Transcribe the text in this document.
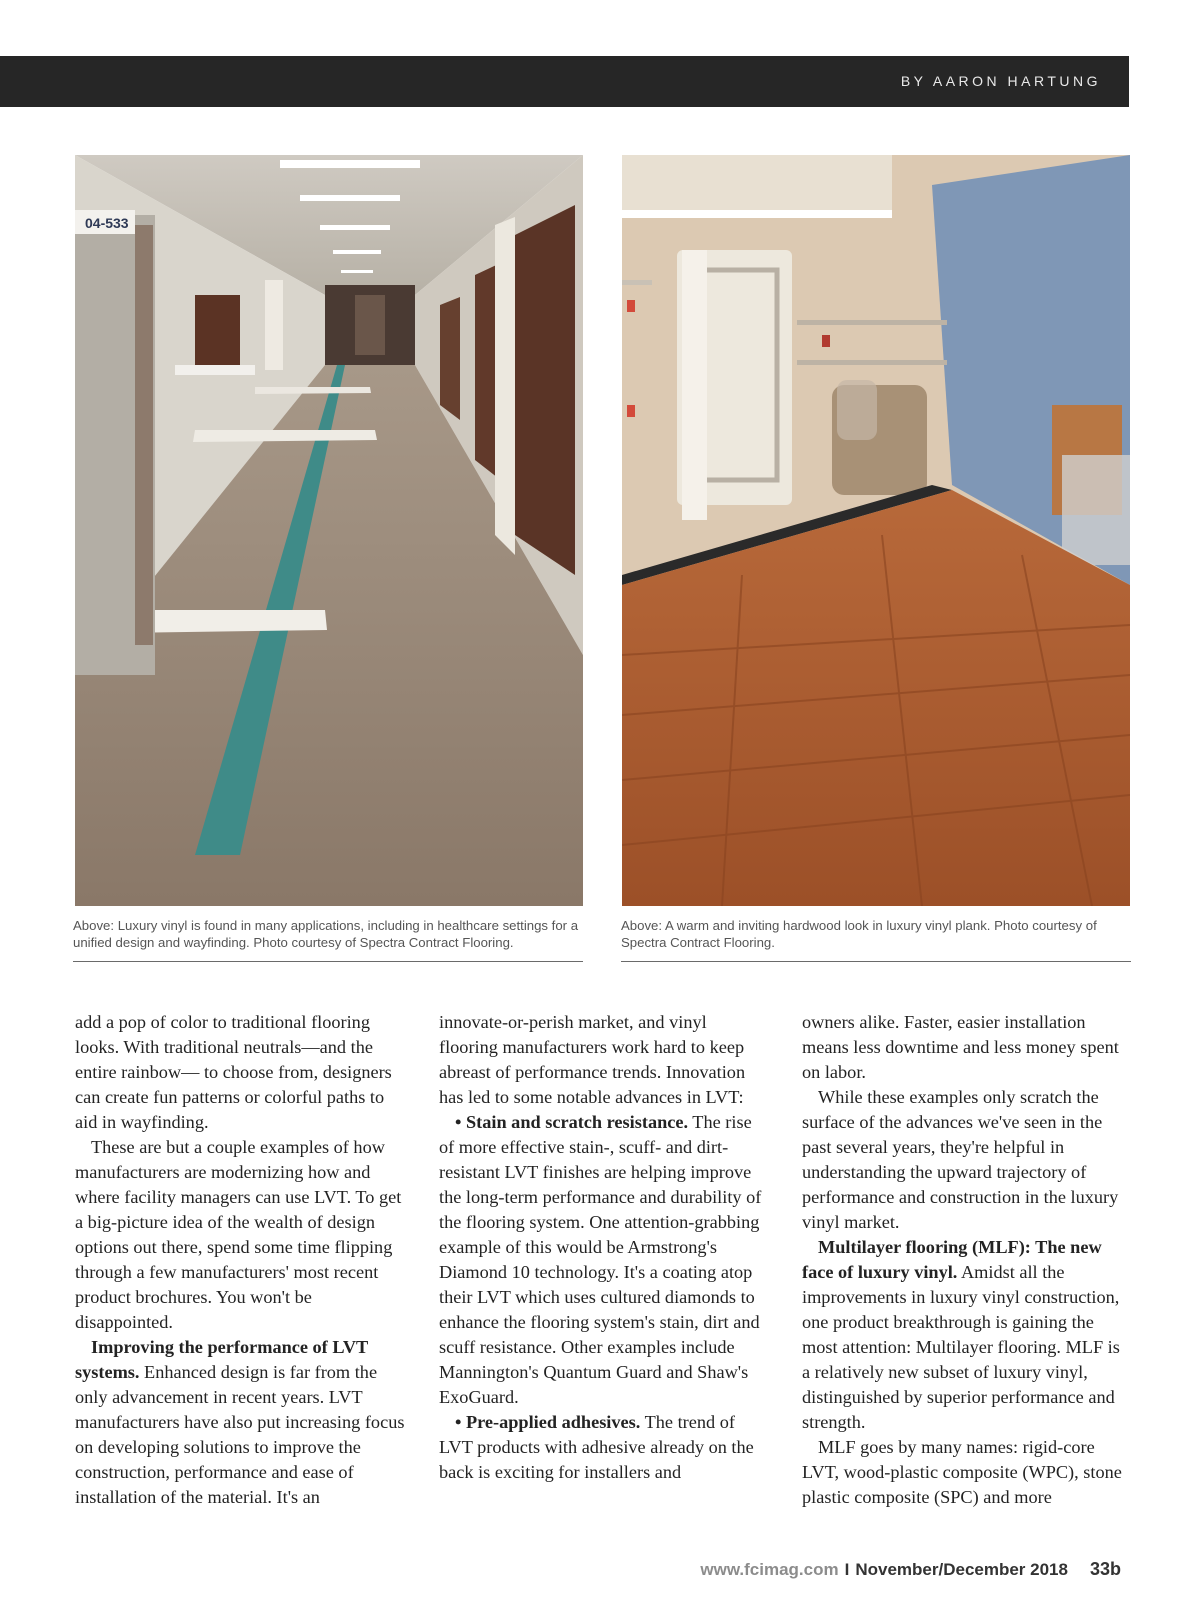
BY AARON HARTUNG
04-533
Above: Luxury vinyl is found in many applications, including in healthcare settings for a unified design and wayfinding. Photo courtesy of Spectra Contract Flooring.
Above: A warm and inviting hardwood look in luxury vinyl plank. Photo courtesy of Spectra Contract Flooring.

add a pop of color to traditional flooring looks. With traditional neutrals—and the entire rainbow— to choose from, designers can create fun patterns or colorful paths to aid in wayfinding.

These are but a couple examples of how manufacturers are modernizing how and where facility managers can use LVT. To get a big-picture idea of the wealth of design options out there, spend some time flipping through a few manufacturers' most recent product brochures. You won't be disappointed.

Improving the performance of LVT systems. Enhanced design is far from the only advancement in recent years. LVT manufacturers have also put increasing focus on developing solutions to improve the construction, performance and ease of installation of the material. It's an

innovate-or-perish market, and vinyl flooring manufacturers work hard to keep abreast of performance trends. Innovation has led to some notable advances in LVT:

• Stain and scratch resistance. The rise of more effective stain-, scuff- and dirt-resistant LVT finishes are helping improve the long-term performance and durability of the flooring system. One attention-grabbing example of this would be Armstrong's Diamond 10 technology. It's a coating atop their LVT which uses cultured diamonds to enhance the flooring system's stain, dirt and scuff resistance. Other examples include Mannington's Quantum Guard and Shaw's ExoGuard.

• Pre-applied adhesives. The trend of LVT products with adhesive already on the back is exciting for installers and

owners alike. Faster, easier installation means less downtime and less money spent on labor.

While these examples only scratch the surface of the advances we've seen in the past several years, they're helpful in understanding the upward trajectory of performance and construction in the luxury vinyl market.

Multilayer flooring (MLF): The new face of luxury vinyl. Amidst all the improvements in luxury vinyl construction, one product breakthrough is gaining the most attention: Multilayer flooring. MLF is a relatively new subset of luxury vinyl, distinguished by superior performance and strength.

MLF goes by many names: rigid-core LVT, wood-plastic composite (WPC), stone plastic composite (SPC) and more

www.fcimag.com I November/December 2018 33b
